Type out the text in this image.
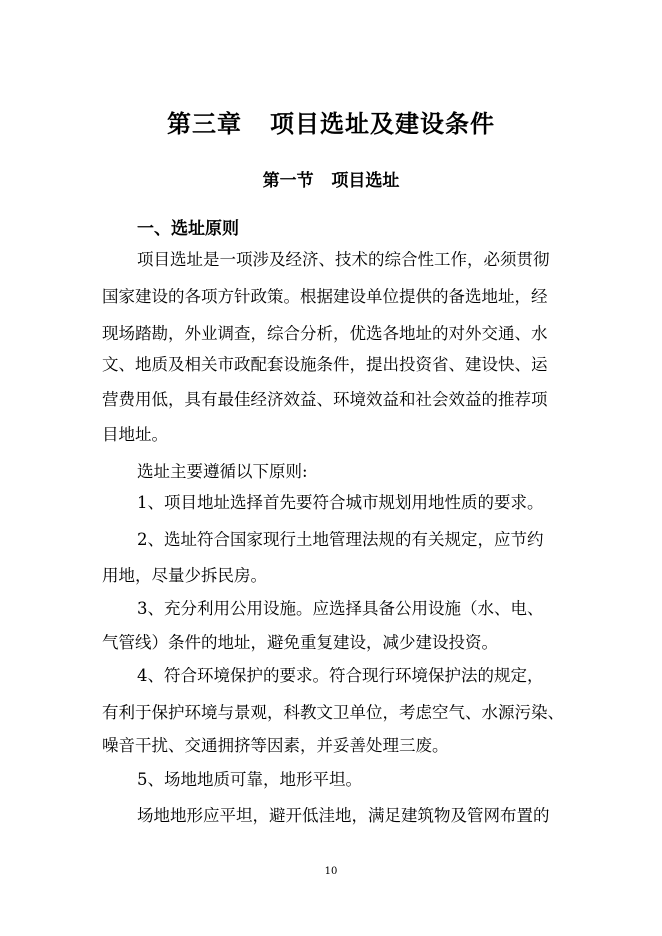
第三章   项目选址及建设条件
第一节   项目选址
一、选址原则
项目选址是一项涉及经济、技术的综合性工作，必须贯彻
国家建设的各项方针政策。根据建设单位提供的备选地址，经
现场踏勘，外业调查，综合分析，优选各地址的对外交通、水
文、地质及相关市政配套设施条件，提出投资省、建设快、运
营费用低，具有最佳经济效益、环境效益和社会效益的推荐项
目地址。
选址主要遵循以下原则:
1、项目地址选择首先要符合城市规划用地性质的要求。
2、选址符合国家现行土地管理法规的有关规定，应节约
用地，尽量少拆民房。
3、充分利用公用设施。应选择具备公用设施（水、电、
气管线）条件的地址，避免重复建设，减少建设投资。
4、符合环境保护的要求。符合现行环境保护法的规定，
有利于保护环境与景观，科教文卫单位，考虑空气、水源污染、
噪音干扰、交通拥挤等因素，并妥善处理三废。
5、场地地质可靠，地形平坦。
场地地形应平坦，避开低洼地，满足建筑物及管网布置的
10
